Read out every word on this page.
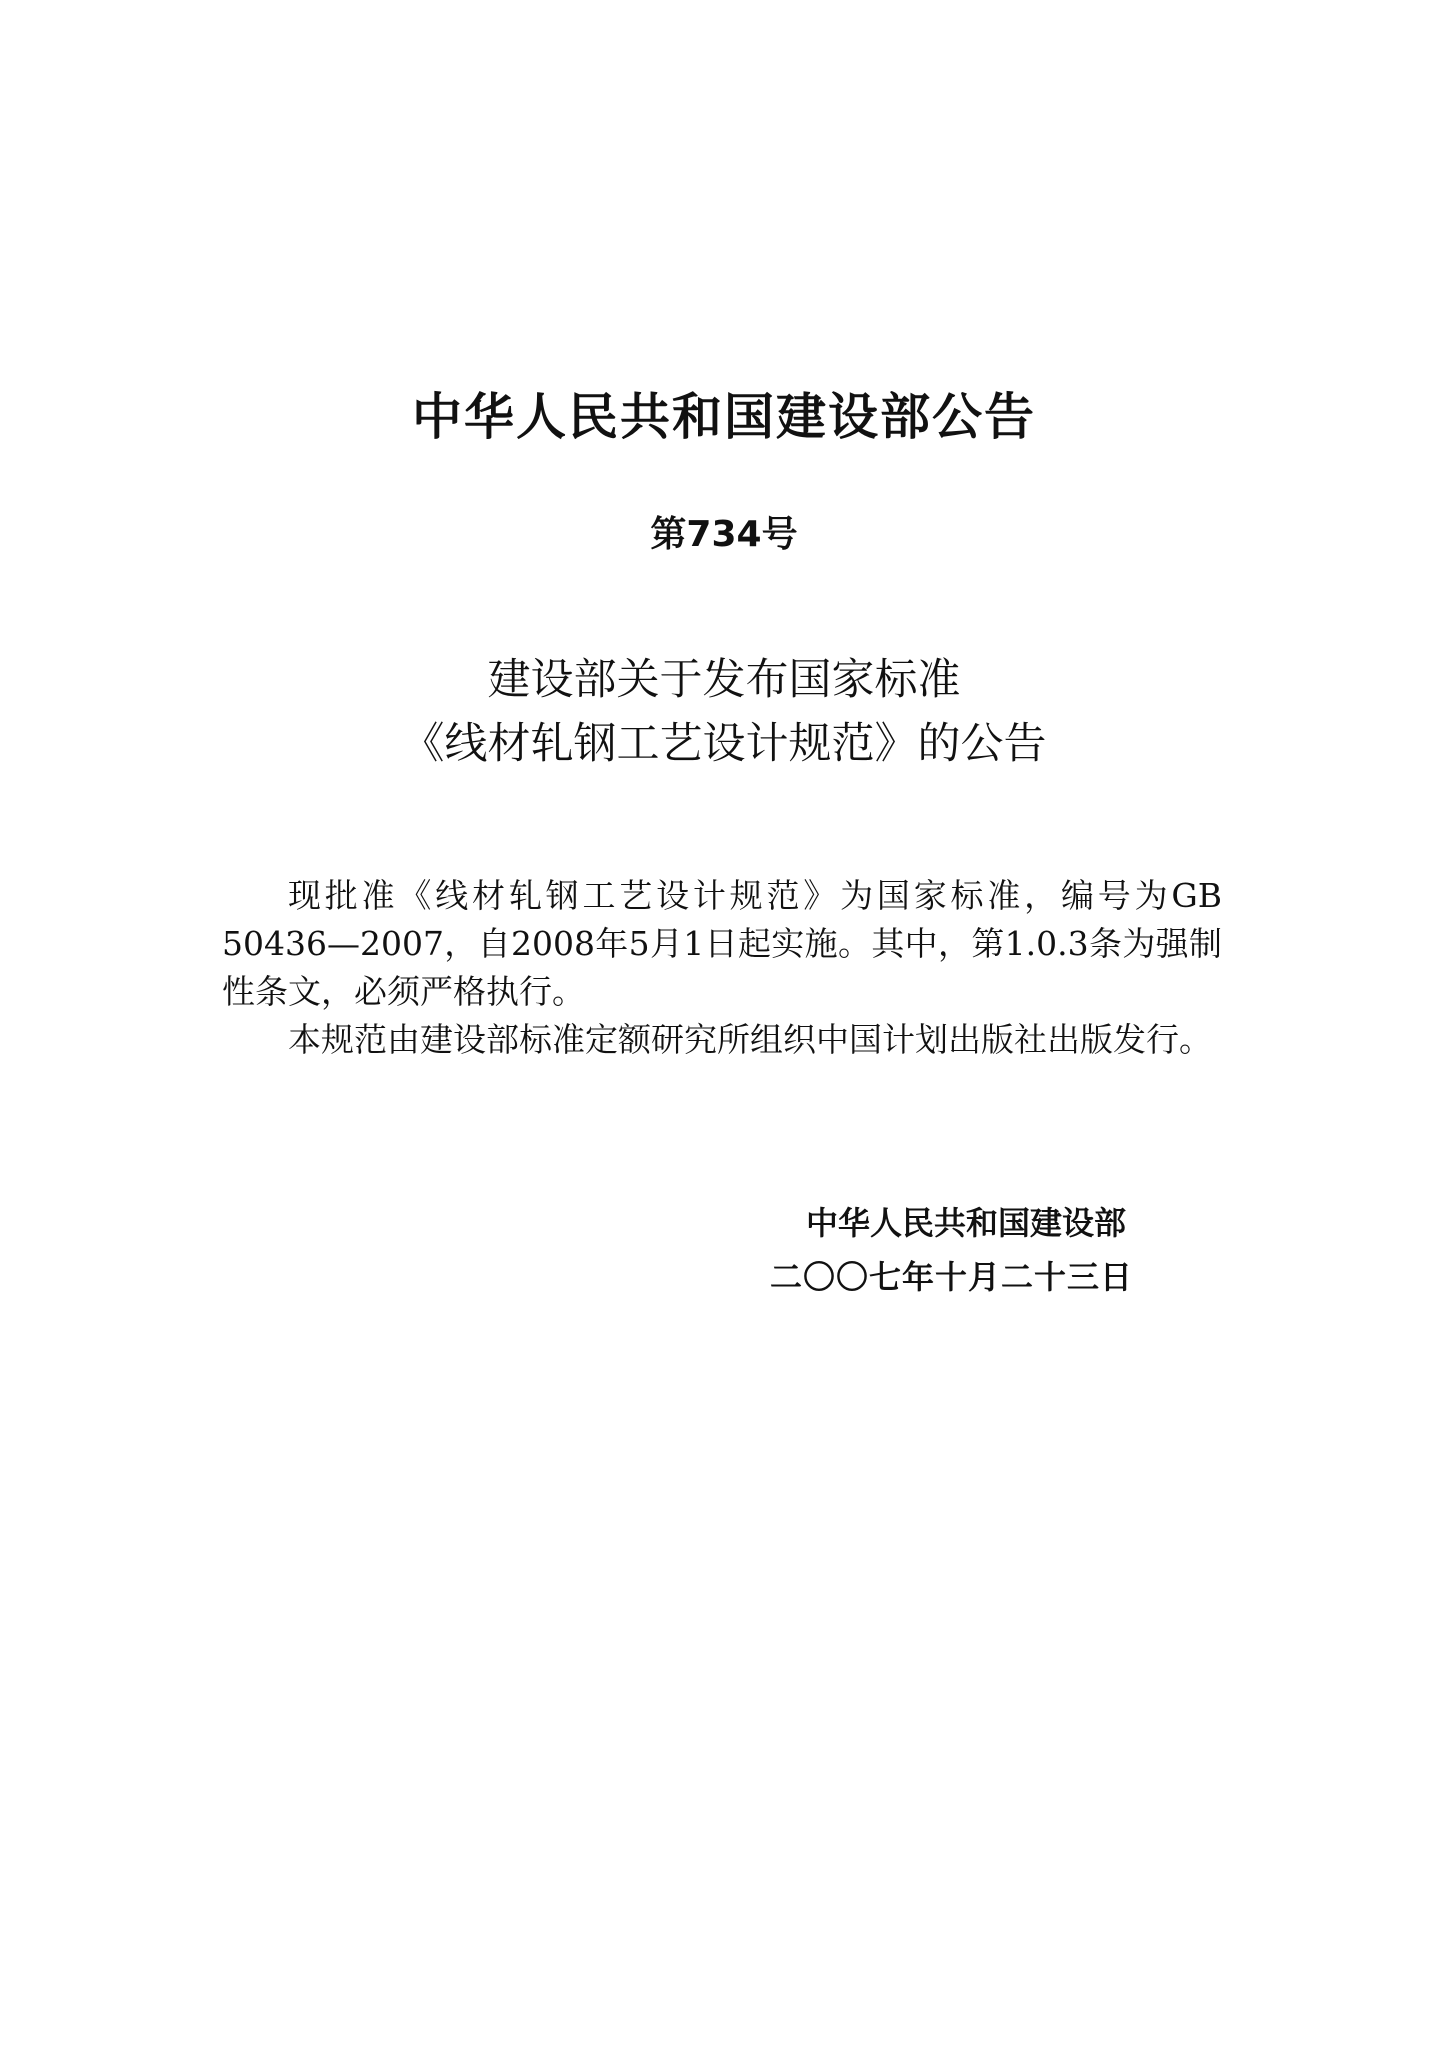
中华人民共和国建设部公告
第734号
建设部关于发布国家标准
《线材轧钢工艺设计规范》的公告

现批准《线材轧钢工艺设计规范》为国家标准，编号为GB 50436—2007，自2008年5月1日起实施。其中，第1.0.3条为强制性条文，必须严格执行。

本规范由建设部标准定额研究所组织中国计划出版社出版发行。

中华人民共和国建设部
二〇〇七年十月二十三日
